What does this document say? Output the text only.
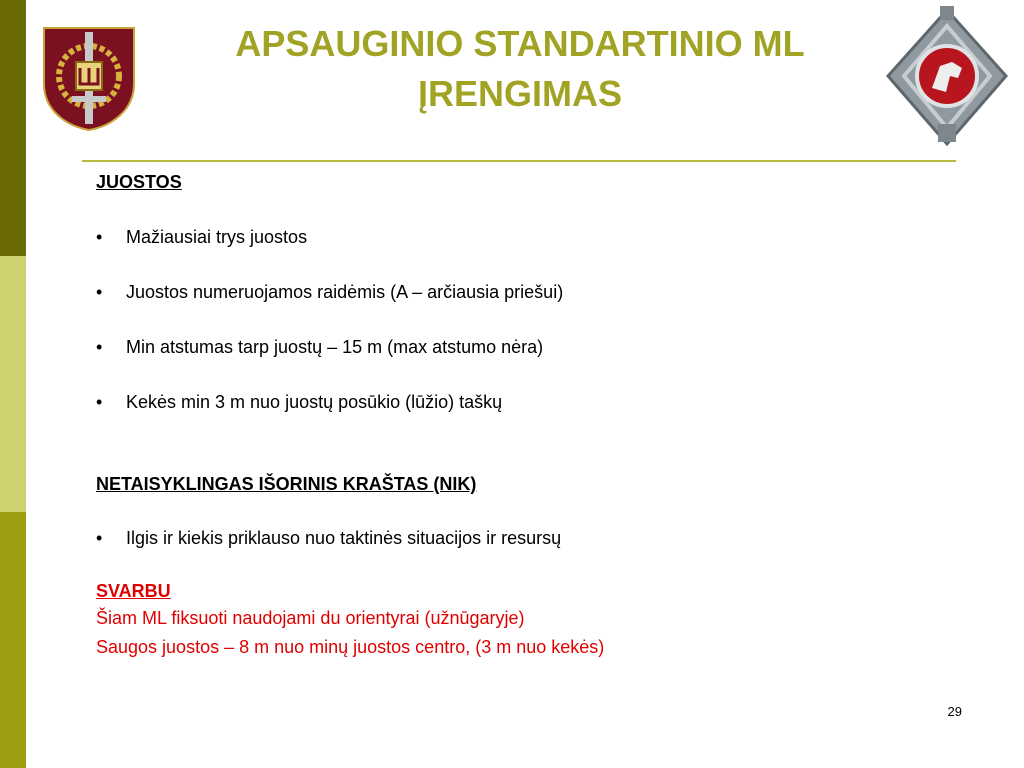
APSAUGINIO STANDARTINIO ML
ĮRENGIMAS
JUOSTOS
• Mažiausiai trys juostos
• Juostos numeruojamos raidėmis (A – arčiausia priešui)
• Min atstumas tarp juostų – 15 m (max atstumo nėra)
• Kekės min 3 m nuo juostų posūkio (lūžio) taškų
NETAISYKLINGAS IŠORINIS KRAŠTAS (NIK)
• Ilgis ir kiekis priklauso nuo taktinės situacijos ir resursų
SVARBU
Šiam ML fiksuoti naudojami du orientyrai (užnūgaryje)
Saugos juostos – 8 m nuo minų juostos centro, (3 m nuo kekės)
29
